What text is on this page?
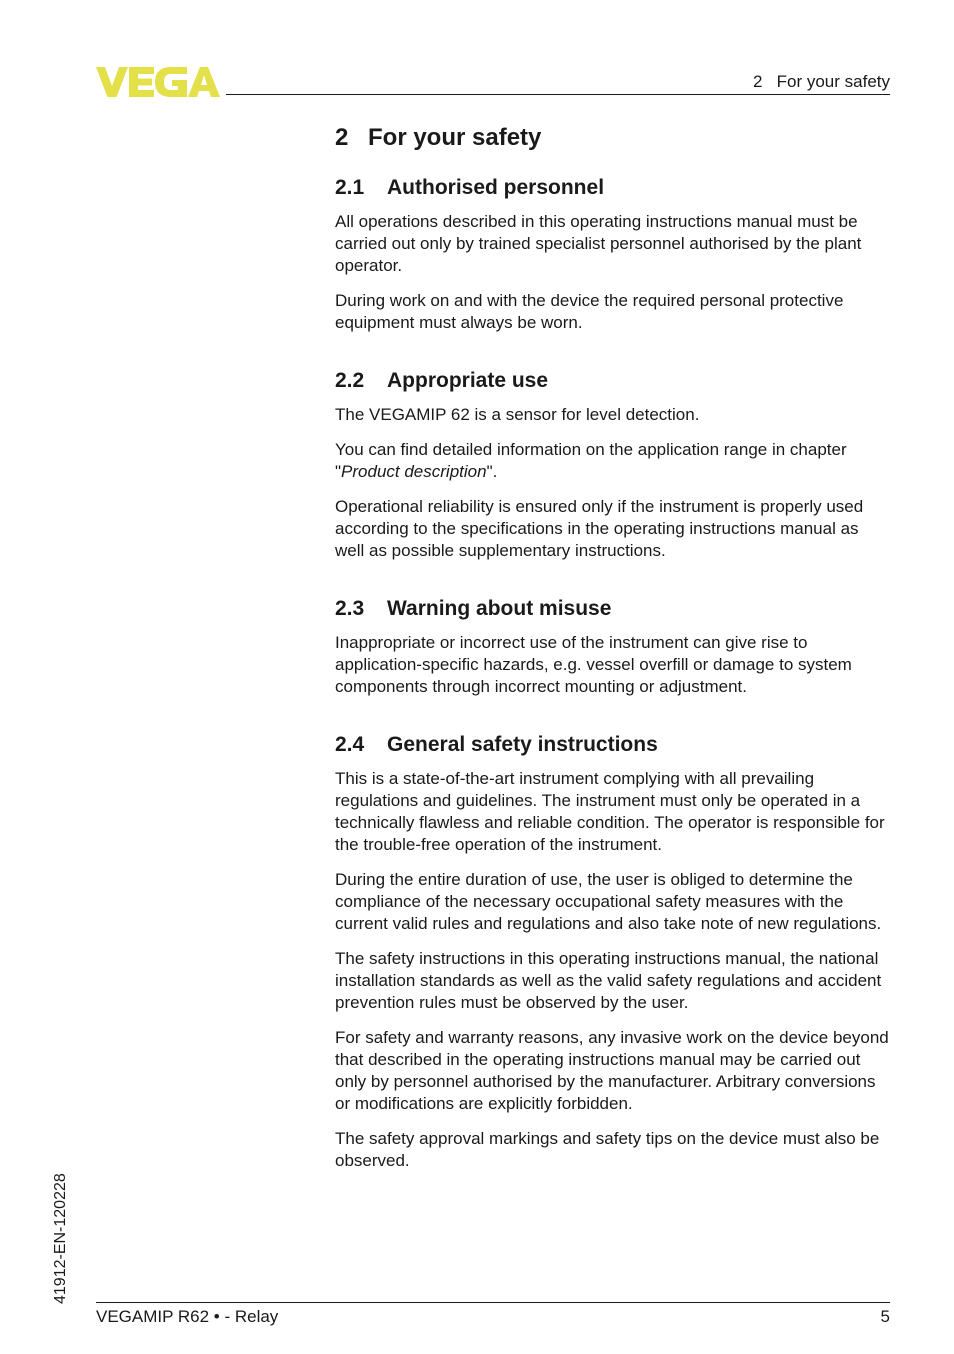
2   For your safety
2 For your safety
2.1 Authorised personnel

All operations described in this operating instructions manual must be carried out only by trained specialist personnel authorised by the plant operator.

During work on and with the device the required personal protective equipment must always be worn.

2.2 Appropriate use

The VEGAMIP 62 is a sensor for level detection.

You can find detailed information on the application range in chapter "Product description".

Operational reliability is ensured only if the instrument is properly used according to the specifications in the operating instructions manual as well as possible supplementary instructions.

2.3 Warning about misuse

Inappropriate or incorrect use of the instrument can give rise to application-specific hazards, e.g. vessel overfill or damage to system components through incorrect mounting or adjustment.

2.4 General safety instructions

This is a state-of-the-art instrument complying with all prevailing regulations and guidelines. The instrument must only be operated in a technically flawless and reliable condition. The operator is responsible for the trouble-free operation of the instrument.

During the entire duration of use, the user is obliged to determine the compliance of the necessary occupational safety measures with the current valid rules and regulations and also take note of new regulations.

The safety instructions in this operating instructions manual, the national installation standards as well as the valid safety regulations and accident prevention rules must be observed by the user.

For safety and warranty reasons, any invasive work on the device beyond that described in the operating instructions manual may be carried out only by personnel authorised by the manufacturer. Arbitrary conversions or modifications are explicitly forbidden.

The safety approval markings and safety tips on the device must also be observed.

41912-EN-120228
VEGAMIP R62 • - Relay	5
